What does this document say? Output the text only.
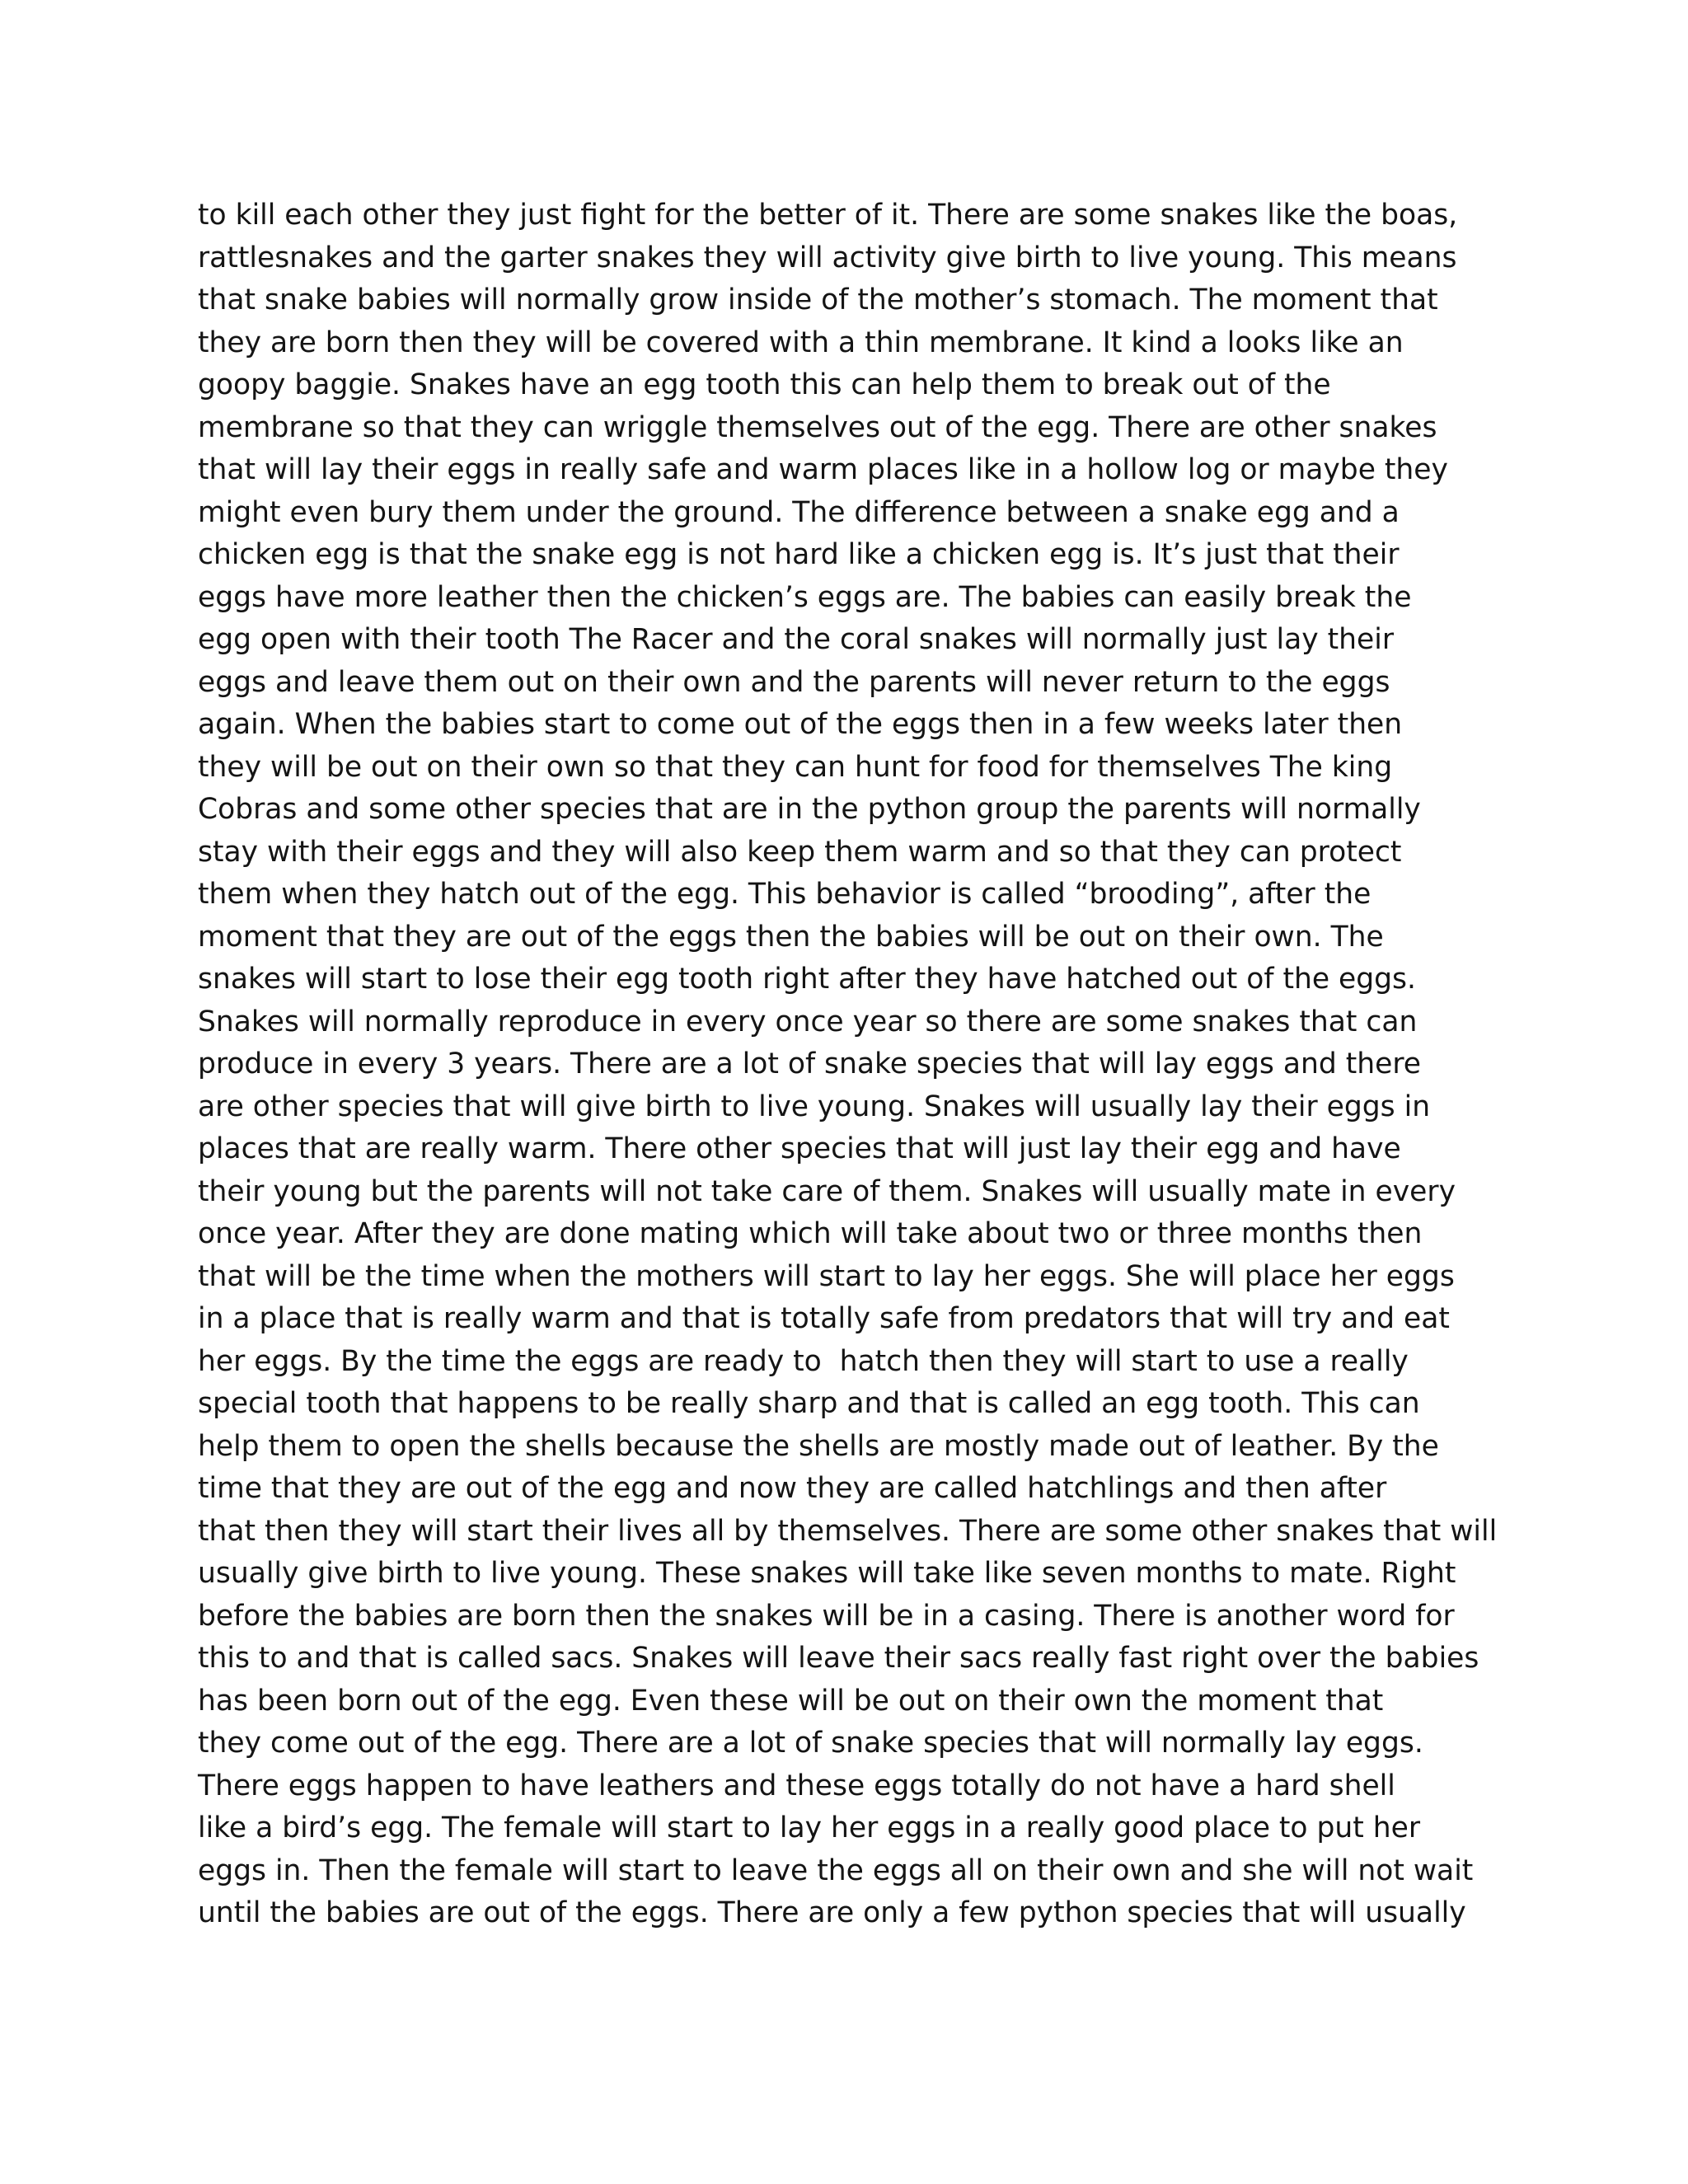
to kill each other they just fight for the better of it. There are some snakes like the boas,
rattlesnakes and the garter snakes they will activity give birth to live young. This means
that snake babies will normally grow inside of the mother’s stomach. The moment that
they are born then they will be covered with a thin membrane. It kind a looks like an
goopy baggie. Snakes have an egg tooth this can help them to break out of the
membrane so that they can wriggle themselves out of the egg. There are other snakes
that will lay their eggs in really safe and warm places like in a hollow log or maybe they
might even bury them under the ground. The difference between a snake egg and a
chicken egg is that the snake egg is not hard like a chicken egg is. It’s just that their
eggs have more leather then the chicken’s eggs are. The babies can easily break the
egg open with their tooth The Racer and the coral snakes will normally just lay their
eggs and leave them out on their own and the parents will never return to the eggs
again. When the babies start to come out of the eggs then in a few weeks later then
they will be out on their own so that they can hunt for food for themselves The king
Cobras and some other species that are in the python group the parents will normally
stay with their eggs and they will also keep them warm and so that they can protect
them when they hatch out of the egg. This behavior is called “brooding”, after the
moment that they are out of the eggs then the babies will be out on their own. The
snakes will start to lose their egg tooth right after they have hatched out of the eggs.
Snakes will normally reproduce in every once year so there are some snakes that can
produce in every 3 years. There are a lot of snake species that will lay eggs and there
are other species that will give birth to live young. Snakes will usually lay their eggs in
places that are really warm. There other species that will just lay their egg and have
their young but the parents will not take care of them. Snakes will usually mate in every
once year. After they are done mating which will take about two or three months then
that will be the time when the mothers will start to lay her eggs. She will place her eggs
in a place that is really warm and that is totally safe from predators that will try and eat
her eggs. By the time the eggs are ready to  hatch then they will start to use a really
special tooth that happens to be really sharp and that is called an egg tooth. This can
help them to open the shells because the shells are mostly made out of leather. By the
time that they are out of the egg and now they are called hatchlings and then after
that then they will start their lives all by themselves. There are some other snakes that will
usually give birth to live young. These snakes will take like seven months to mate. Right
before the babies are born then the snakes will be in a casing. There is another word for
this to and that is called sacs. Snakes will leave their sacs really fast right over the babies
has been born out of the egg. Even these will be out on their own the moment that
they come out of the egg. There are a lot of snake species that will normally lay eggs.
There eggs happen to have leathers and these eggs totally do not have a hard shell
like a bird’s egg. The female will start to lay her eggs in a really good place to put her
eggs in. Then the female will start to leave the eggs all on their own and she will not wait
until the babies are out of the eggs. There are only a few python species that will usually
